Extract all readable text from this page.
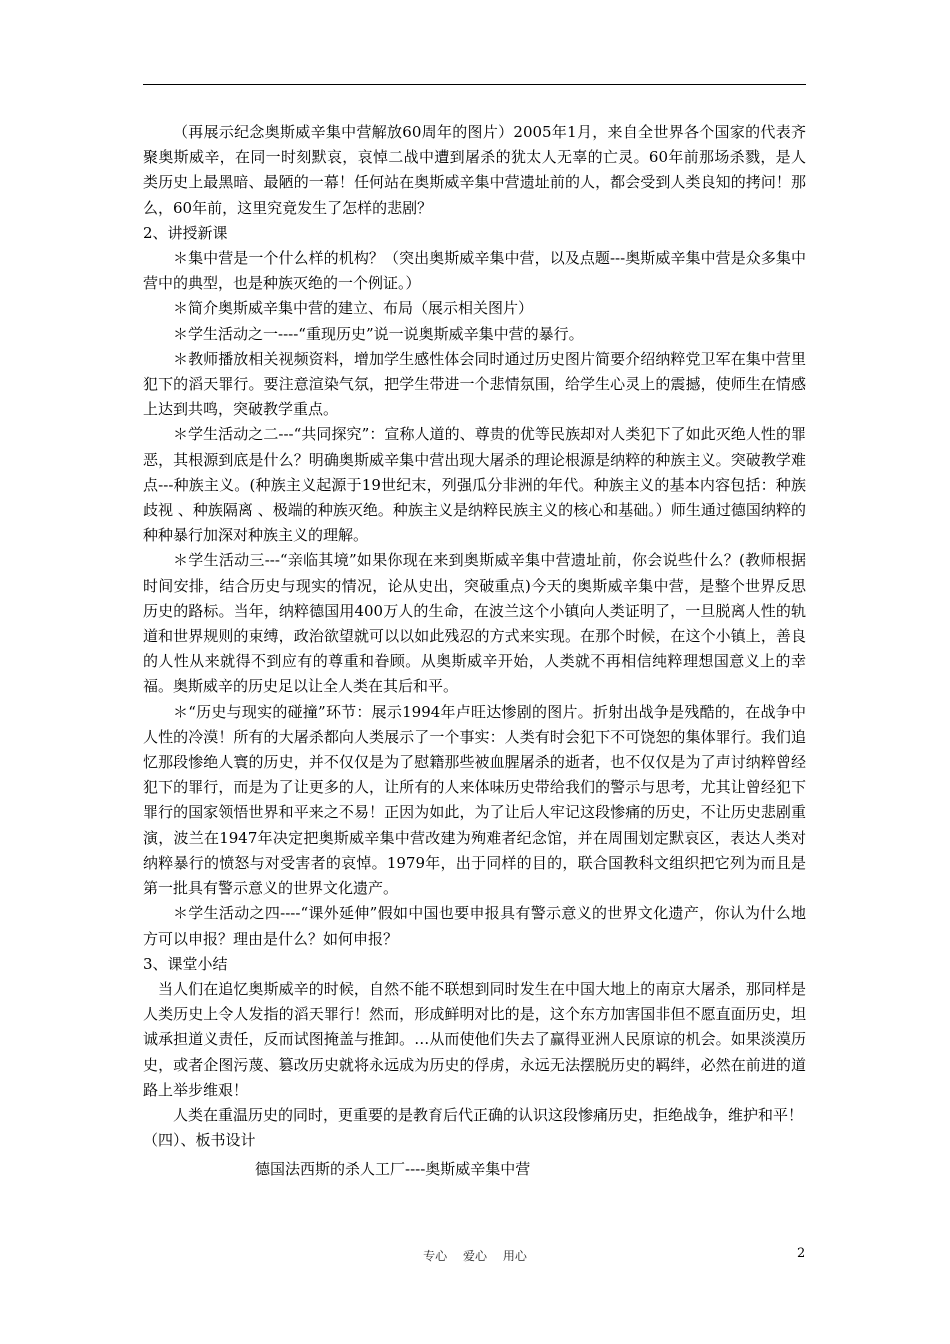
（再展示纪念奥斯威辛集中营解放60周年的图片）2005年1月，来自全世界各个国家的代表齐聚奥斯威辛，在同一时刻默哀，哀悼二战中遭到屠杀的犹太人无辜的亡灵。60年前那场杀戮，是人类历史上最黑暗、最陋的一幕！任何站在奥斯威辛集中营遗址前的人，都会受到人类良知的拷问！那么，60年前，这里究竟发生了怎样的悲剧？

2、讲授新课

＊集中营是一个什么样的机构？（突出奥斯威辛集中营，以及点题---奥斯威辛集中营是众多集中营中的典型，也是种族灭绝的一个例证。）

＊简介奥斯威辛集中营的建立、布局（展示相关图片）

＊学生活动之一----“重现历史”说一说奥斯威辛集中营的暴行。

＊教师播放相关视频资料，增加学生感性体会同时通过历史图片简要介绍纳粹党卫军在集中营里犯下的滔天罪行。要注意渲染气氛，把学生带进一个悲情氛围，给学生心灵上的震撼，使师生在情感上达到共鸣，突破教学重点。

＊学生活动之二---“共同探究”：宣称人道的、尊贵的优等民族却对人类犯下了如此灭绝人性的罪恶，其根源到底是什么？明确奥斯威辛集中营出现大屠杀的理论根源是纳粹的种族主义。突破教学难点---种族主义。(种族主义起源于19世纪末，列强瓜分非洲的年代。种族主义的基本内容包括：种族歧视 、种族隔离 、极端的种族灭绝。种族主义是纳粹民族主义的核心和基础。）师生通过德国纳粹的种种暴行加深对种族主义的理解。

＊学生活动三---“亲临其境”如果你现在来到奥斯威辛集中营遗址前，你会说些什么？(教师根据时间安排，结合历史与现实的情况，论从史出，突破重点)今天的奥斯威辛集中营，是整个世界反思历史的路标。当年，纳粹德国用400万人的生命，在波兰这个小镇向人类证明了，一旦脱离人性的轨道和世界规则的束缚，政治欲望就可以以如此残忍的方式来实现。在那个时候，在这个小镇上，善良的人性从来就得不到应有的尊重和眷顾。从奥斯威辛开始，人类就不再相信纯粹理想国意义上的幸福。奥斯威辛的历史足以让全人类在其后和平。

＊“历史与现实的碰撞”环节：展示1994年卢旺达惨剧的图片。折射出战争是残酷的，在战争中人性的冷漠！所有的大屠杀都向人类展示了一个事实：人类有时会犯下不可饶恕的集体罪行。我们追忆那段惨绝人寰的历史，并不仅仅是为了慰籍那些被血腥屠杀的逝者，也不仅仅是为了声讨纳粹曾经犯下的罪行，而是为了让更多的人，让所有的人来体味历史带给我们的警示与思考，尤其让曾经犯下罪行的国家领悟世界和平来之不易！正因为如此，为了让后人牢记这段惨痛的历史，不让历史悲剧重演，波兰在1947年决定把奥斯威辛集中营改建为殉难者纪念馆，并在周围划定默哀区，表达人类对纳粹暴行的愤怒与对受害者的哀悼。1979年，出于同样的目的，联合国教科文组织把它列为而且是第一批具有警示意义的世界文化遗产。

＊学生活动之四----“课外延伸”假如中国也要申报具有警示意义的世界文化遗产，你认为什么地方可以申报？理由是什么？如何申报？

3、课堂小结

当人们在追忆奥斯威辛的时候，自然不能不联想到同时发生在中国大地上的南京大屠杀，那同样是人类历史上令人发指的滔天罪行！然而，形成鲜明对比的是，这个东方加害国非但不愿直面历史，坦诚承担道义责任，反而试图掩盖与推卸。…从而使他们失去了赢得亚洲人民原谅的机会。如果淡漠历史，或者企图污蔑、篡改历史就将永远成为历史的俘虏，永远无法摆脱历史的羁绊，必然在前进的道路上举步维艰！

人类在重温历史的同时，更重要的是教育后代正确的认识这段惨痛历史，拒绝战争，维护和平！

（四）、板书设计

德国法西斯的杀人工厂----奥斯威辛集中营

专心 爱心 用心	2
